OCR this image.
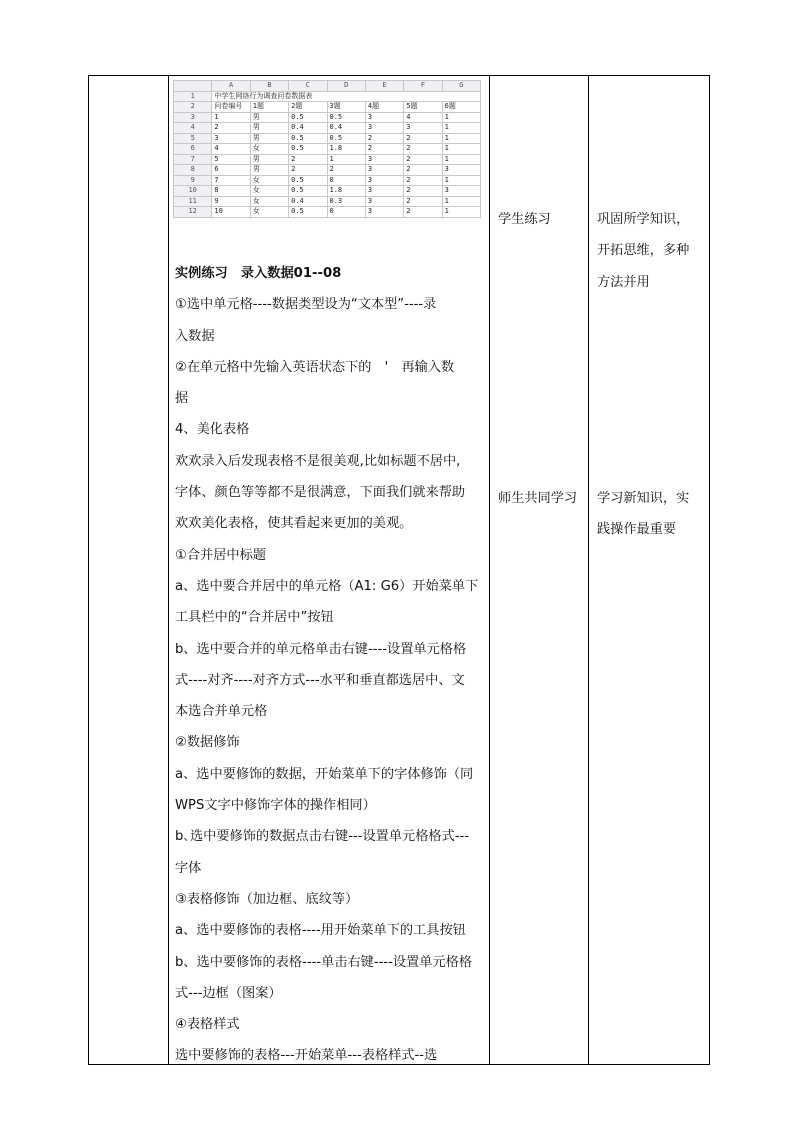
	A	B	C	D	E	F	G
1	中学生网络行为调查问卷数据表
2	问卷编号	1题	2题	3题	4题	5题	6题
3	1	男	0.5	0.5	3	4	1
4	2	男	0.4	0.4	3	3	1
5	3	男	0.5	0.5	2	2	1
6	4	女	0.5	1.8	2	2	1
7	5	男	2	1	3	2	1
8	6	男	2	2	3	2	3
9	7	女	0.5	0	3	2	1
10	8	女	0.5	1.8	3	2	3
11	9	女	0.4	0.3	3	2	1
12	10	女	0.5	0	3	2	1
实例练习　录入数据01--08
①选中单元格----数据类型设为“文本型”----录
入数据
②在单元格中先输入英语状态下的　'　再输入数
据
4、美化表格
欢欢录入后发现表格不是很美观,比如标题不居中,
字体、颜色等等都不是很满意，下面我们就来帮助
欢欢美化表格，使其看起来更加的美观。
①合并居中标题
a、选中要合并居中的单元格（A1: G6）开始菜单下
工具栏中的“合并居中”按钮
b、选中要合并的单元格单击右键----设置单元格格
式----对齐----对齐方式---水平和垂直都选居中、文
本选合并单元格
②数据修饰
a、选中要修饰的数据，开始菜单下的字体修饰（同
WPS文字中修饰字体的操作相同）
b､选中要修饰的数据点击右键---设置单元格格式---
字体
③表格修饰（加边框、底纹等）
a、选中要修饰的表格----用开始菜单下的工具按钮
b、选中要修饰的表格----单击右键----设置单元格格
式---边框（图案）
④表格样式
选中要修饰的表格---开始菜单---表格样式--选

学生练习
师生共同学习

巩固所学知识，
开拓思维，多种
方法并用
学习新知识，实
践操作最重要
